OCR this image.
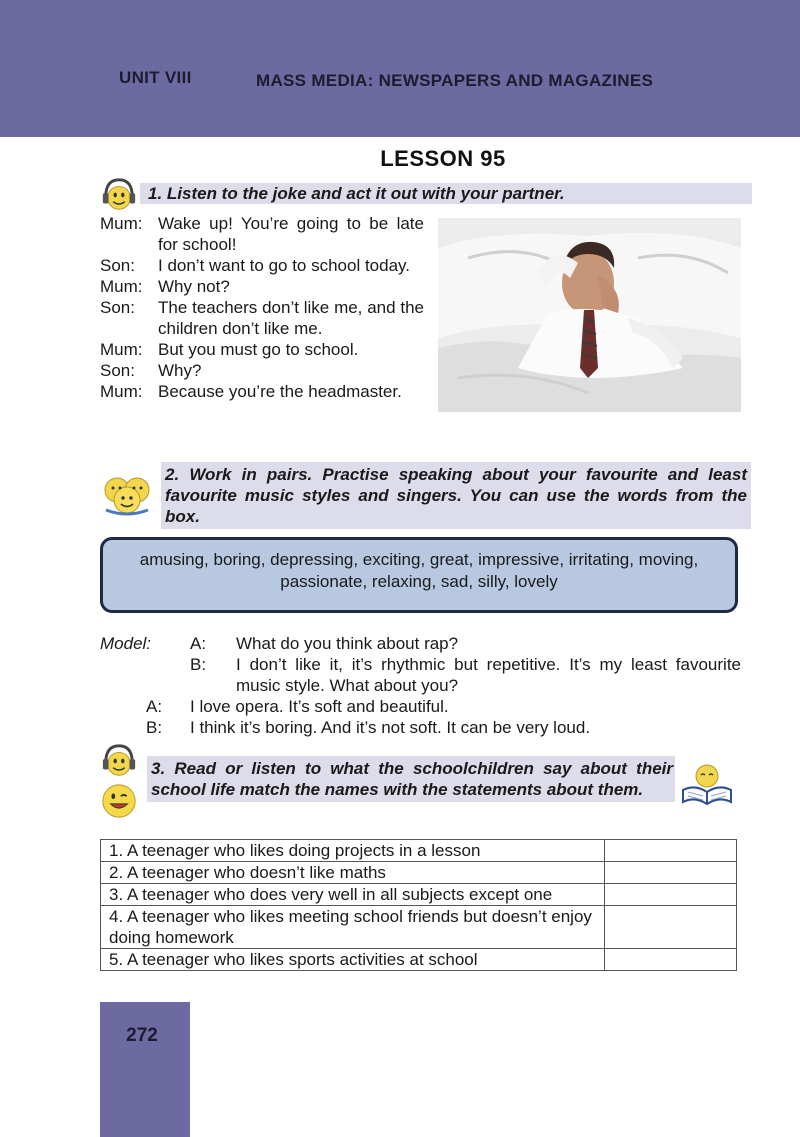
UNIT VIII	MASS MEDIA: NEWSPAPERS AND MAGAZINES
LESSON 95
1. Listen to the joke and act it out with your partner.
Mum: Wake up! You’re going to be late for school!
Son:	I don’t want to go to school today.
Mum: Why not?
Son:	The teachers don’t like me, and the children don’t like me.
Mum: But you must go to school.
Son:	Why?
Mum: Because you’re the headmaster.
2. Work in pairs. Practise speaking about your favourite and least favourite music styles and singers. You can use the words from the box.
amusing, boring, depressing, exciting, great, impressive, irritating, moving, passionate, relaxing, sad, silly, lovely
Model: A: What do you think about rap?
B: I don’t like it, it’s rhythmic but repetitive. It’s my least favourite music style. What about you?
A: I love opera. It’s soft and beautiful.
B: I think it’s boring. And it’s not soft. It can be very loud.
3. Read or listen to what the schoolchildren say about their school life match the names with the statements about them.
1. A teenager who likes doing projects in a lesson	
2. A teenager who doesn’t like maths	
3. A teenager who does very well in all subjects except one	
4. A teenager who likes meeting school friends but doesn’t enjoy doing homework	
5. A teenager who likes sports activities at school	
272
